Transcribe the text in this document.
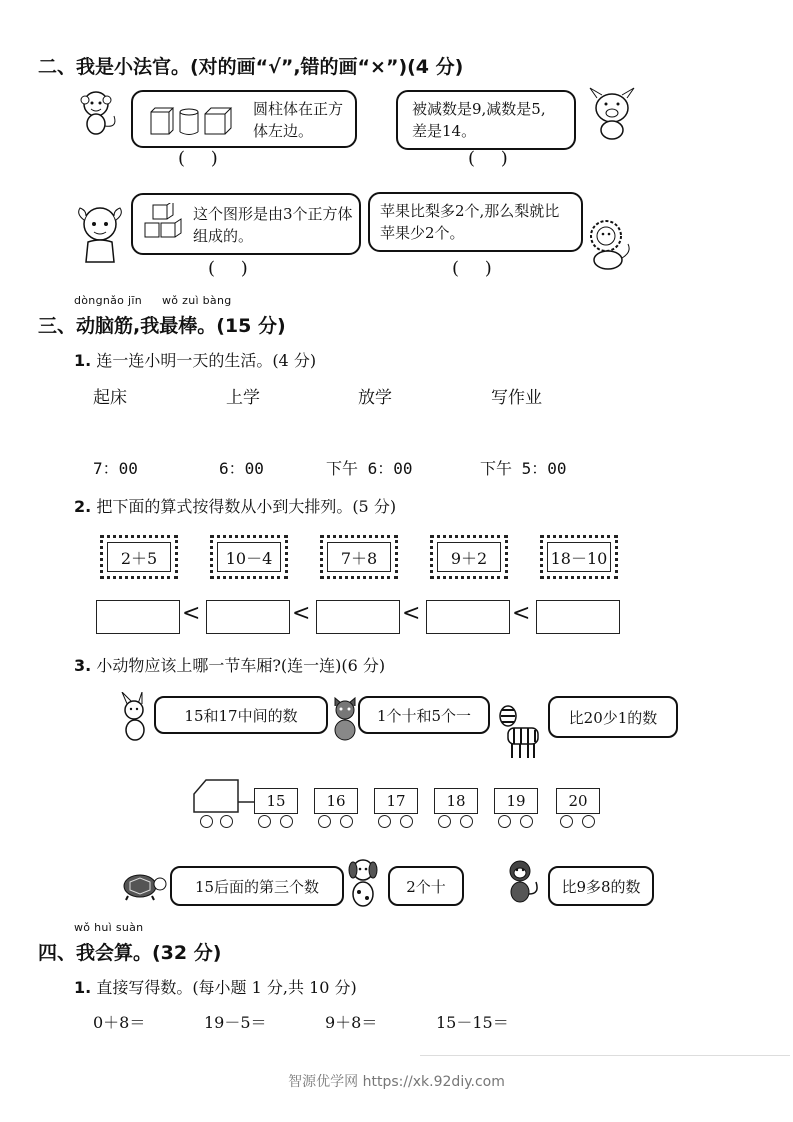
二、我是小法官。(对的画“√”,错的画“×”)(4 分)
圆柱体在正方体左边。
( )
被减数是9,减数是5,差是14。
( )
这个图形是由3个正方体组成的。
( )
苹果比梨多2个,那么梨就比苹果少2个。
( )
dòngnǎo jīn wǒ zuì bàng
三、动脑筋,我最棒。(15 分)
1. 连一连小明一天的生活。(4 分)
起床	上学	放学	写作业
7：00	6：00	下午 6：00	下午 5：00
2. 把下面的算式按得数从小到大排列。(5 分)
2＋5	10－4	7＋8	9＋2	18－10
<	<	<	<
3. 小动物应该上哪一节车厢?(连一连)(6 分)
15和17中间的数	1个十和5个一	比20少1的数
15	16	17	18	19	20
15后面的第三个数	2个十	比9多8的数
wǒ huì suàn
四、我会算。(32 分)
1. 直接写得数。(每小题 1 分,共 10 分)
0＋8＝	19－5＝	9＋8＝	15－15＝
智源优学网 https://xk.92diy.com
